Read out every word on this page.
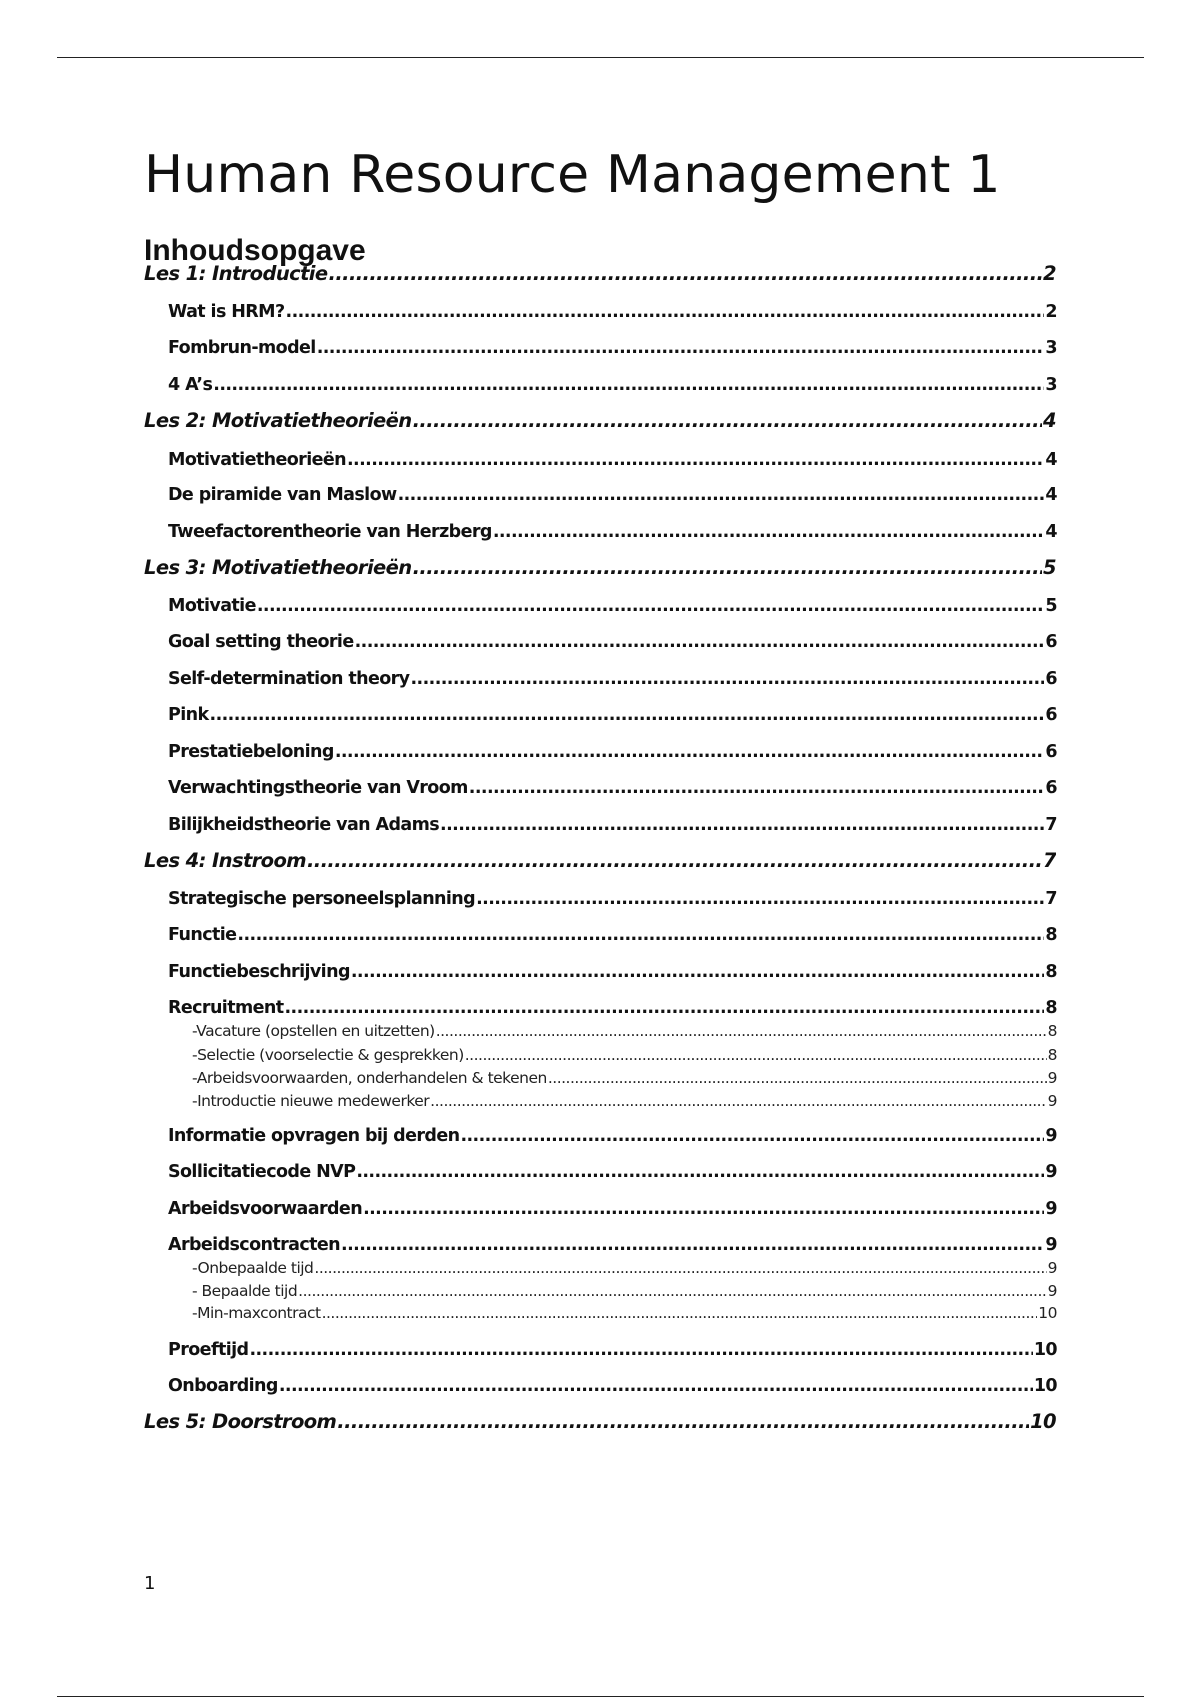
Human Resource Management 1
Inhoudsopgave
Les 1: Introductie .....	2
Wat is HRM? .....	2
Fombrun-model .....	3
4 A’s .....	3
Les 2: Motivatietheorieën .....	4
Motivatietheorieën .....	4
De piramide van Maslow .....	4
Tweefactorentheorie van Herzberg .....	4
Les 3: Motivatietheorieën .....	5
Motivatie .....	5
Goal setting theorie .....	6
Self-determination theory .....	6
Pink .....	6
Prestatiebeloning .....	6
Verwachtingstheorie van Vroom .....	6
Bilijkheidstheorie van Adams .....	7
Les 4: Instroom .....	7
Strategische personeelsplanning .....	7
Functie .....	8
Functiebeschrijving .....	8
Recruitment .....	8
-Vacature (opstellen en uitzetten) .....	8
-Selectie (voorselectie & gesprekken) .....	8
-Arbeidsvoorwaarden, onderhandelen & tekenen .....	9
-Introductie nieuwe medewerker .....	9
Informatie opvragen bij derden .....	9
Sollicitatiecode NVP .....	9
Arbeidsvoorwaarden .....	9
Arbeidscontracten .....	9
-Onbepaalde tijd .....	9
- Bepaalde tijd .....	9
-Min-maxcontract .....	10
Proeftijd .....	10
Onboarding .....	10
Les 5: Doorstroom .....	10
1
